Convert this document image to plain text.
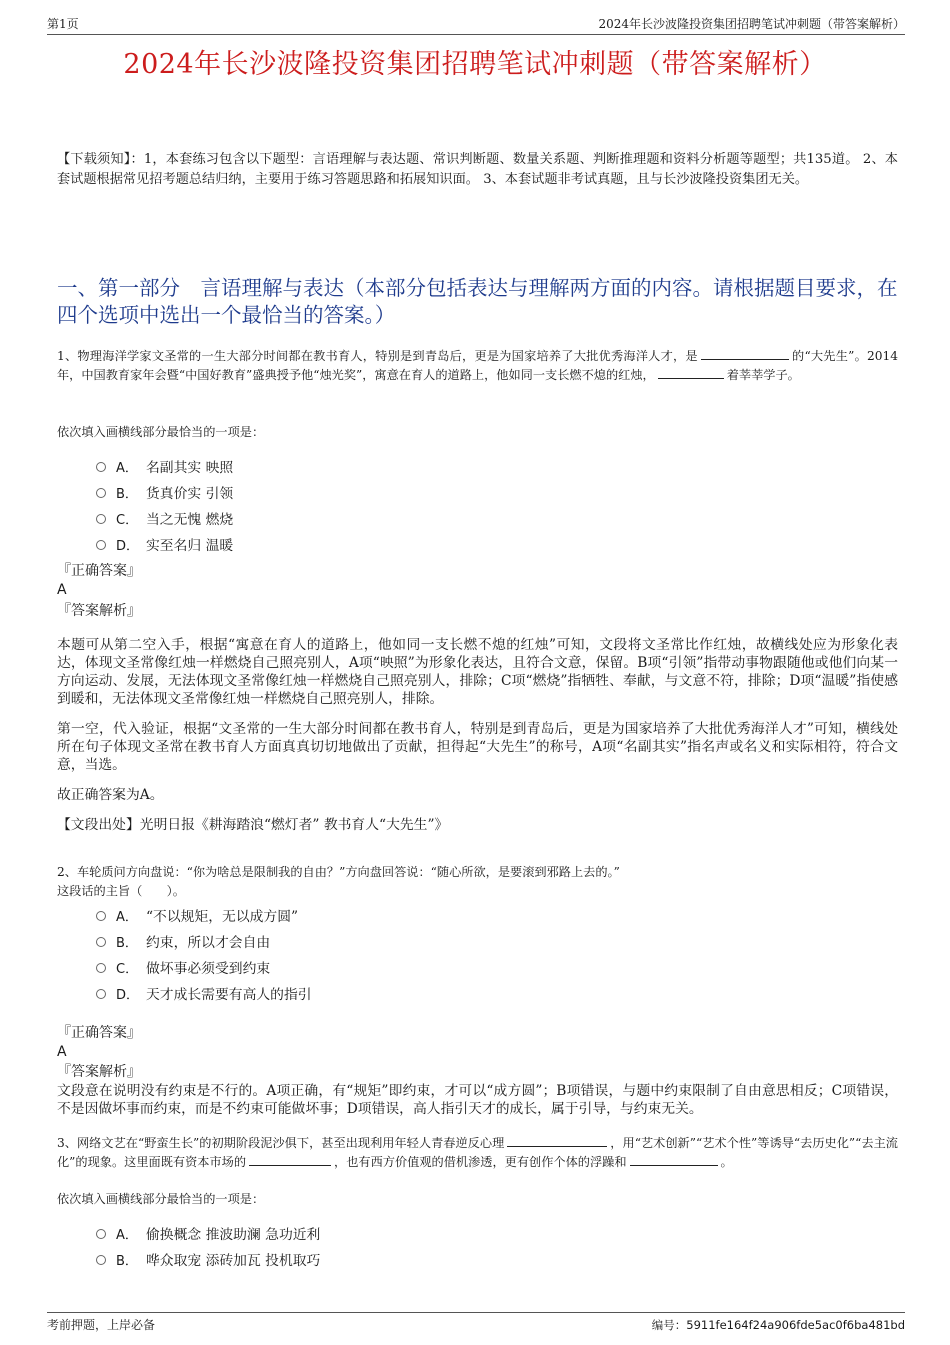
第1页	2024年长沙波隆投资集团招聘笔试冲刺题（带答案解析）
2024年长沙波隆投资集团招聘笔试冲刺题（带答案解析）
【下载须知】：1，本套练习包含以下题型：言语理解与表达题、常识判断题、数量关系题、判断推理题和资料分析题等题型；共135道。 2、本套试题根据常见招考题总结归纳，主要用于练习答题思路和拓展知识面。 3、本套试题非考试真题，且与长沙波隆投资集团无关。
一、第一部分　言语理解与表达（本部分包括表达与理解两方面的内容。请根据题目要求，在四个选项中选出一个最恰当的答案。）
1、物理海洋学家文圣常的一生大部分时间都在教书育人，特别是到青岛后，更是为国家培养了大批优秀海洋人才，是	的“大先生”。2014年，中国教育家年会暨“中国好教育”盛典授予他“烛光奖”，寓意在育人的道路上，他如同一支长燃不熄的红烛，	着莘莘学子。
依次填入画横线部分最恰当的一项是：
A． 名副其实 映照
B． 货真价实 引领
C． 当之无愧 燃烧
D． 实至名归 温暖
『正确答案』
A
『答案解析』

本题可从第二空入手，根据“寓意在育人的道路上，他如同一支长燃不熄的红烛”可知，文段将文圣常比作红烛，故横线处应为形象化表达，体现文圣常像红烛一样燃烧自己照亮别人，A项“映照”为形象化表达，且符合文意，保留。B项“引领”指带动事物跟随他或他们向某一方向运动、发展，无法体现文圣常像红烛一样燃烧自己照亮别人，排除；C项“燃烧”指牺牲、奉献，与文意不符，排除；D项“温暖”指使感到暖和，无法体现文圣常像红烛一样燃烧自己照亮别人，排除。

第一空，代入验证，根据“文圣常的一生大部分时间都在教书育人，特别是到青岛后，更是为国家培养了大批优秀海洋人才”可知，横线处所在句子体现文圣常在教书育人方面真真切切地做出了贡献，担得起“大先生”的称号，A项“名副其实”指名声或名义和实际相符，符合文意，当选。

故正确答案为A。

【文段出处】光明日报《耕海踏浪“燃灯者” 教书育人“大先生”》

2、车轮质问方向盘说：“你为啥总是限制我的自由？”方向盘回答说：“随心所欲，是要滚到邪路上去的。”
这段话的主旨（　　）。
A． “不以规矩，无以成方圆”
B． 约束，所以才会自由
C． 做坏事必须受到约束
D． 天才成长需要有高人的指引
『正确答案』
A
『答案解析』
文段意在说明没有约束是不行的。A项正确，有“规矩”即约束，才可以“成方圆”；B项错误，与题中约束限制了自由意思相反；C项错误，不是因做坏事而约束，而是不约束可能做坏事；D项错误，高人指引天才的成长，属于引导，与约束无关。
3、网络文艺在“野蛮生长”的初期阶段泥沙俱下，甚至出现利用年轻人青春逆反心理	，用“艺术创新”“艺术个性”等诱导“去历史化”“去主流化”的现象。这里面既有资本市场的	，也有西方价值观的借机渗透，更有创作个体的浮躁和	。
依次填入画横线部分最恰当的一项是：
A． 偷换概念 推波助澜 急功近利
B． 哗众取宠 添砖加瓦 投机取巧
考前押题，上岸必备	编号：5911fe164f24a906fde5ac0f6ba481bd
